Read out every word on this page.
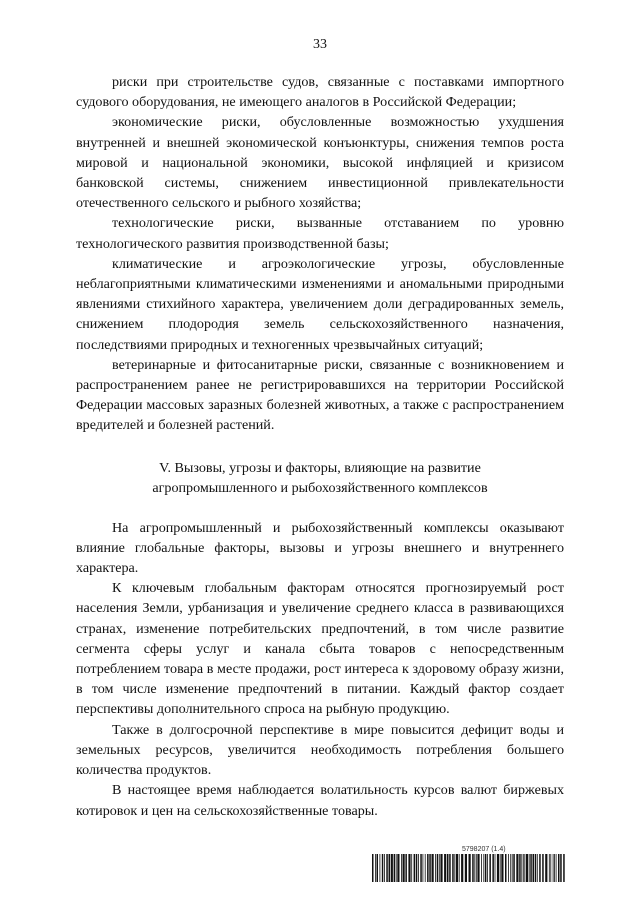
33

риски при строительстве судов, связанные с поставками импортного судового оборудования, не имеющего аналогов в Российской Федерации;

экономические риски, обусловленные возможностью ухудшения внутренней и внешней экономической конъюнктуры, снижения темпов роста мировой и национальной экономики, высокой инфляцией и кризисом банковской системы, снижением инвестиционной привлекательности отечественного сельского и рыбного хозяйства;

технологические риски, вызванные отставанием по уровню технологического развития производственной базы;

климатические и агроэкологические угрозы, обусловленные неблагоприятными климатическими изменениями и аномальными природными явлениями стихийного характера, увеличением доли деградированных земель, снижением плодородия земель сельскохозяйственного назначения, последствиями природных и техногенных чрезвычайных ситуаций;

ветеринарные и фитосанитарные риски, связанные с возникновением и распространением ранее не регистрировавшихся на территории Российской Федерации массовых заразных болезней животных, а также с распространением вредителей и болезней растений.

V. Вызовы, угрозы и факторы, влияющие на развитие
агропромышленного и рыбохозяйственного комплексов

На агропромышленный и рыбохозяйственный комплексы оказывают влияние глобальные факторы, вызовы и угрозы внешнего и внутреннего характера.

К ключевым глобальным факторам относятся прогнозируемый рост населения Земли, урбанизация и увеличение среднего класса в развивающихся странах, изменение потребительских предпочтений, в том числе развитие сегмента сферы услуг и канала сбыта товаров с непосредственным потреблением товара в месте продажи, рост интереса к здоровому образу жизни, в том числе изменение предпочтений в питании. Каждый фактор создает перспективы дополнительного спроса на рыбную продукцию.

Также в долгосрочной перспективе в мире повысится дефицит воды и земельных ресурсов, увеличится необходимость потребления большего количества продуктов.

В настоящее время наблюдается волатильность курсов валют биржевых котировок и цен на сельскохозяйственные товары.

5798207 (1.4)
